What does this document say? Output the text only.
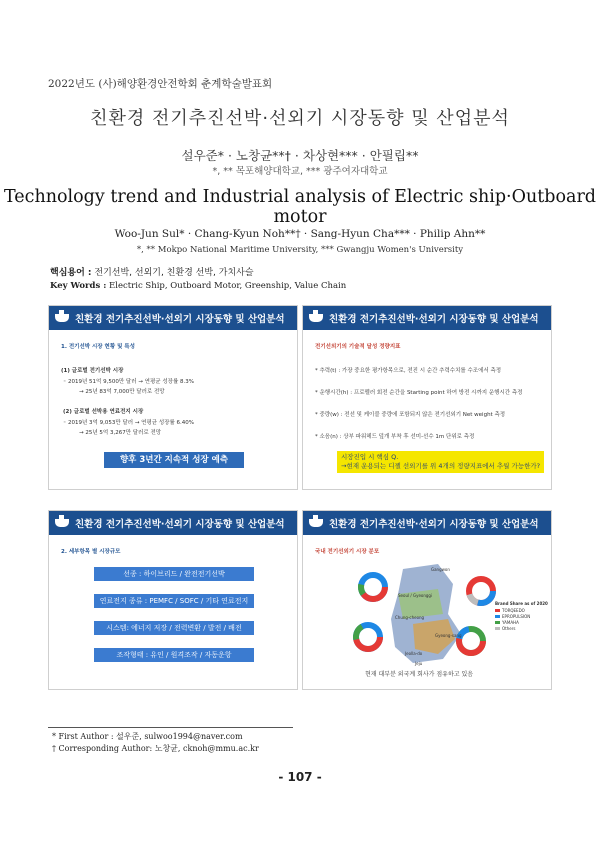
2022년도 (사)해양환경안전학회 춘계학술발표회
친환경 전기추진선박·선외기 시장동향 및 산업분석
설우준* · 노창균**† · 차상현*** · 안필립**
*, ** 목포해양대학교, *** 광주여자대학교
Technology trend and Industrial analysis of Electric ship·Outboard motor
Woo-Jun Sul* · Chang-Kyun Noh**† · Sang-Hyun Cha*** · Philip Ahn**
*, ** Mokpo National Maritime University, *** Gwangju Women's University
핵심용어 : 전기선박, 선외기, 친환경 선박, 가치사슬
Key Words : Electric Ship, Outboard Motor, Greenship, Value Chain
친환경 전기추진선박·선외기 시장동향 및 산업분석
1. 전기선박 시장 현황 및 특성
(1) 글로벌 전기선박 시장
◦ 2019년 51억 9,500만 달러 → 연평균 성장률 8.3%
→ 25년 83억 7,000만 달러로 전망
(2) 글로벌 선박용 연료전지 시장
◦ 2019년 3억 9,053만 달러 → 연평균 성장률 6.40%
→ 25년 5억 3,267만 달러로 전망
향후 3년간 지속적 성장 예측
친환경 전기추진선박·선외기 시장동향 및 산업분석
전기선외기의 기술적 달성 정량지표
* 추력(t) : 가장 중요한 평가항목으로, 전진 시 순간 추력수치를 수조에서 측정
* 운행시간(h) : 프로펠러 회전 순간을 Starting point 하여 방전 시까지 운행시간 측정
* 중량(w) : 전선 및 케이블 중량에 포함되지 않은 전기선외기 Net weight 측정
* 소음(n) : 상부 파워헤드 덮개 부착 후 선미-선수 1m 단위로 측정
시장진입 시 핵심 Q.
→현재 운용되는 디젤 선외기를 위 4개의 정량지표에서 추월 가능한가?
친환경 전기추진선박·선외기 시장동향 및 산업분석
2. 세부항목 별 시장규모
선종 : 하이브리드 / 완전전기선박
연료전지 종류 : PEMFC / SOFC / 기타 연료전지
시스템: 에너지 저장 / 전력변환 / 발전 / 배전
조작형태 : 유인 / 원격조작 / 자동운항
친환경 전기추진선박·선외기 시장동향 및 산업분석
국내 전기선외기 시장 분포
Gangwon
Seoul / Gyeonggi
Chung-cheong
Gyeong-sang
Jeolla-do
Jeju
Brand Share as of 2020
TORQEEDO
EPROPULSION
YAMAHA
Others
현재 대부분 외국계 회사가 점유하고 있음
* First Author : 설우준, sulwoo1994@naver.com
† Corresponding Author: 노창균, cknoh@mmu.ac.kr
- 107 -
